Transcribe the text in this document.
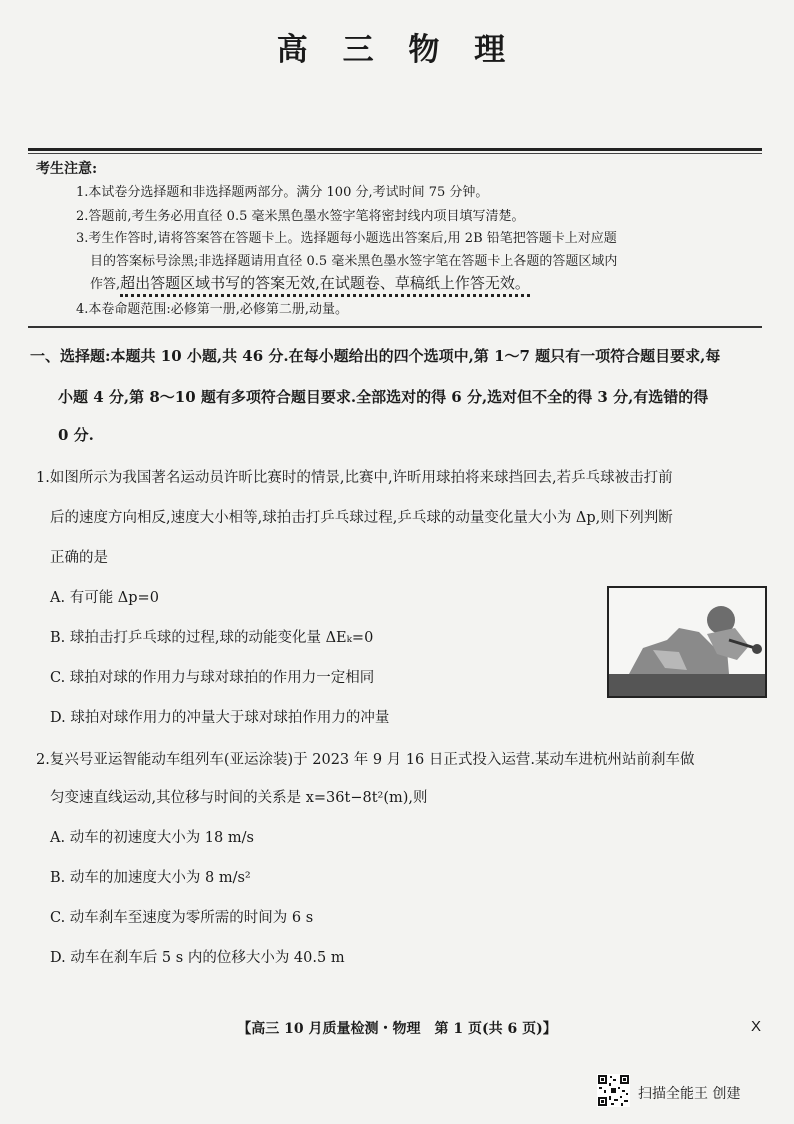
高 三 物 理
考生注意:
1.本试卷分选择题和非选择题两部分。满分 100 分,考试时间 75 分钟。
2.答题前,考生务必用直径 0.5 毫米黑色墨水签字笔将密封线内项目填写清楚。
3.考生作答时,请将答案答在答题卡上。选择题每小题选出答案后,用 2B 铅笔把答题卡上对应题
目的答案标号涂黑;非选择题请用直径 0.5 毫米黑色墨水签字笔在答题卡上各题的答题区域内
作答,超出答题区域书写的答案无效,在试题卷、草稿纸上作答无效。
4.本卷命题范围:必修第一册,必修第二册,动量。
一、选择题:本题共 10 小题,共 46 分.在每小题给出的四个选项中,第 1～7 题只有一项符合题目要求,每
小题 4 分,第 8～10 题有多项符合题目要求.全部选对的得 6 分,选对但不全的得 3 分,有选错的得
0 分.
1.如图所示为我国著名运动员许昕比赛时的情景,比赛中,许昕用球拍将来球挡回去,若乒乓球被击打前
后的速度方向相反,速度大小相等,球拍击打乒乓球过程,乒乓球的动量变化量大小为 Δp,则下列判断
正确的是
A. 有可能 Δp=0
B. 球拍击打乒乓球的过程,球的动能变化量 ΔEₖ=0
C. 球拍对球的作用力与球对球拍的作用力一定相同
D. 球拍对球作用力的冲量大于球对球拍作用力的冲量
2.复兴号亚运智能动车组列车(亚运涂装)于 2023 年 9 月 16 日正式投入运营.某动车进杭州站前刹车做
匀变速直线运动,其位移与时间的关系是 x=36t−8t²(m),则
A. 动车的初速度大小为 18 m/s
B. 动车的加速度大小为 8 m/s²
C. 动车刹车至速度为零所需的时间为 6 s
D. 动车在刹车后 5 s 内的位移大小为 40.5 m
【高三 10 月质量检测・物理　第 1 页(共 6 页)】	X
扫描全能王 创建
